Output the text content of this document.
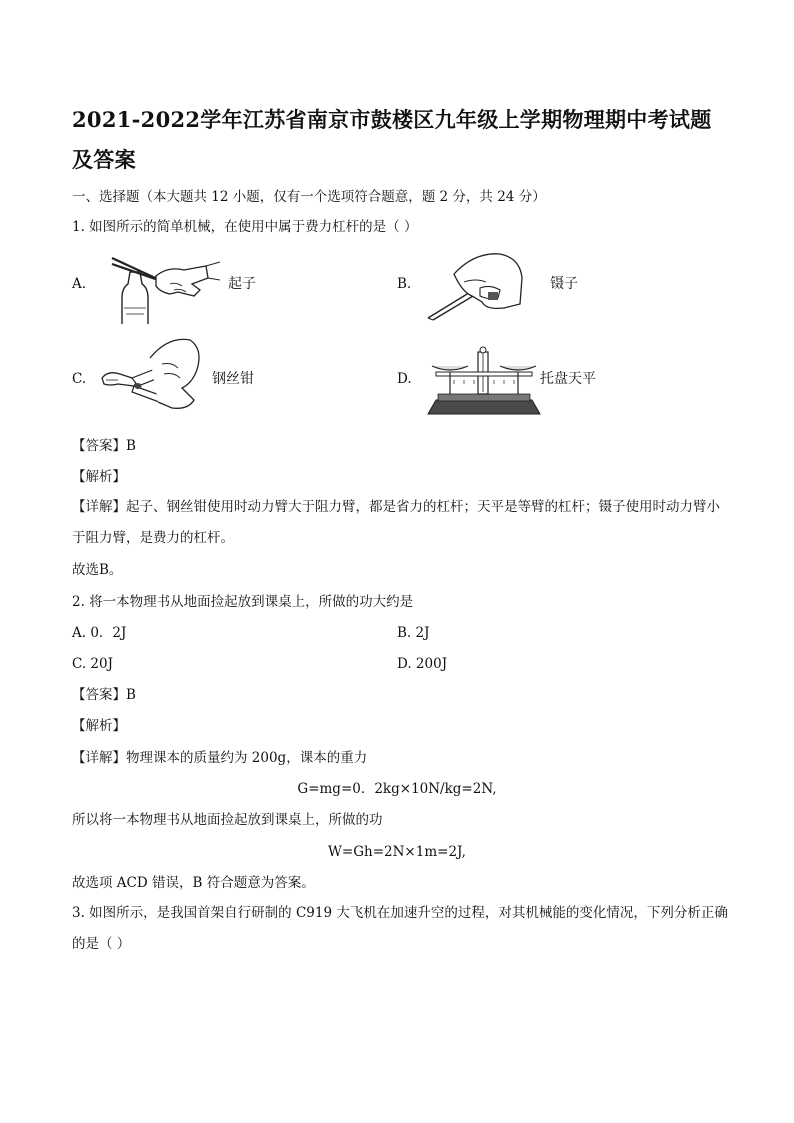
2021-2022学年江苏省南京市鼓楼区九年级上学期物理期中考试题及答案
一、选择题（本大题共 12 小题，仅有一个选项符合题意，题 2 分，共 24 分）
1. 如图所示的简单机械，在使用中属于费力杠杆的是（ ）
A.	起子	B.	镊子
C.	钢丝钳	D.	托盘天平
【答案】B
【解析】
【详解】起子、钢丝钳使用时动力臂大于阻力臂，都是省力的杠杆；天平是等臂的杠杆；镊子使用时动力臂小于阻力臂，是费力的杠杆。
故选B。
2. 将一本物理书从地面捡起放到课桌上，所做的功大约是
A. 0．2J	B. 2J
C. 20J	D. 200J
【答案】B
【解析】
【详解】物理课本的质量约为 200g，课本的重力
G=mg=0．2kg×10N/kg=2N,
所以将一本物理书从地面捡起放到课桌上，所做的功
W=Gh=2N×1m=2J,
故选项 ACD 错误，B 符合题意为答案。
3. 如图所示，是我国首架自行研制的 C919 大飞机在加速升空的过程，对其机械能的变化情况，下列分析正确的是（ ）
